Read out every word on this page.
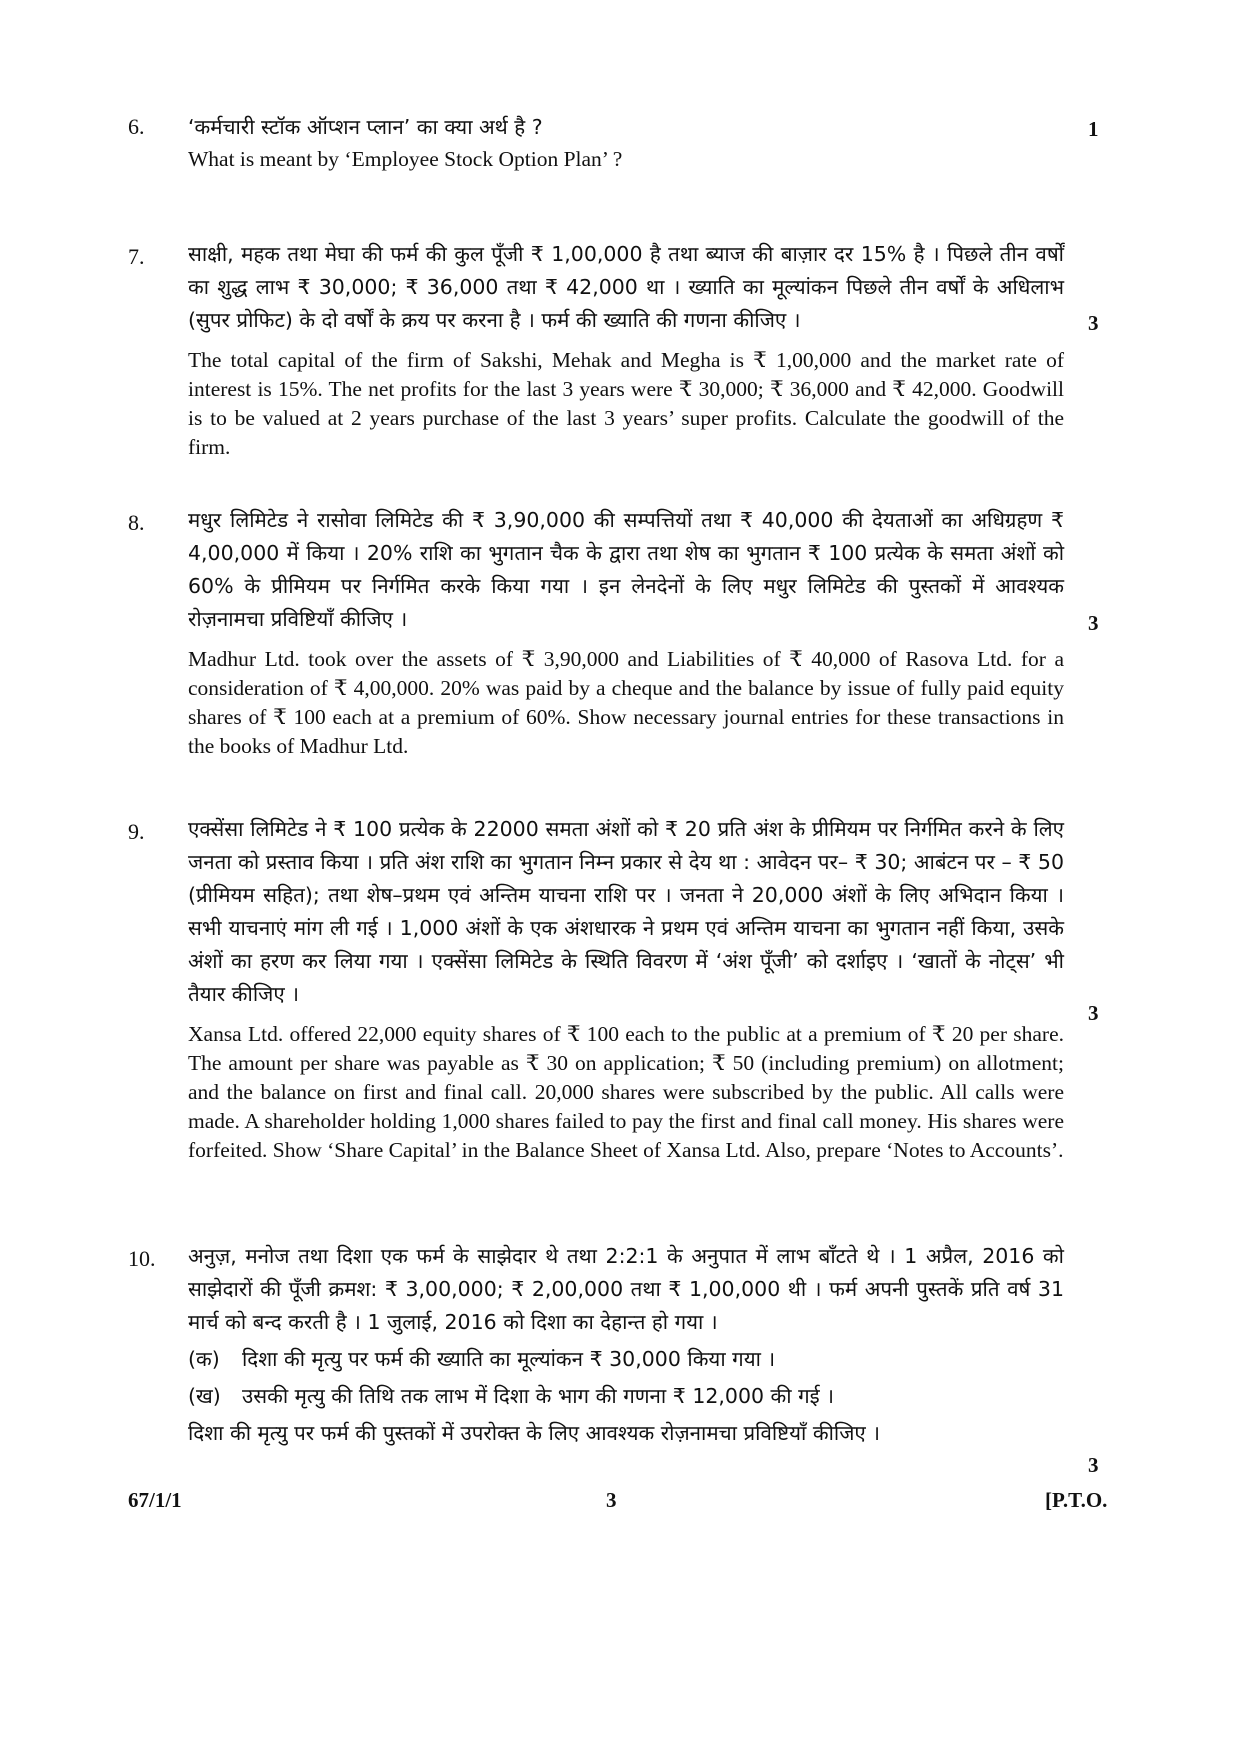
6. ‘कर्मचारी स्टॉक ऑप्शन प्लान’ का क्या अर्थ है ?

What is meant by ‘Employee Stock Option Plan’ ?

1
7. साक्षी, महक तथा मेघा की फर्म की कुल पूँजी ₹ 1,00,000 है तथा ब्याज की बाज़ार दर 15% है । पिछले तीन वर्षों का शुद्ध लाभ ₹ 30,000; ₹ 36,000 तथा ₹ 42,000 था । ख्याति का मूल्यांकन पिछले तीन वर्षों के अधिलाभ (सुपर प्रोफिट) के दो वर्षों के क्रय पर करना है । फर्म की ख्याति की गणना कीजिए ।

The total capital of the firm of Sakshi, Mehak and Megha is ₹ 1,00,000 and the market rate of interest is 15%. The net profits for the last 3 years were ₹ 30,000; ₹ 36,000 and ₹ 42,000. Goodwill is to be valued at 2 years purchase of the last 3 years’ super profits. Calculate the goodwill of the firm.

3
8. मधुर लिमिटेड ने रासोवा लिमिटेड की ₹ 3,90,000 की सम्पत्तियों तथा ₹ 40,000 की देयताओं का अधिग्रहण ₹ 4,00,000 में किया । 20% राशि का भुगतान चैक के द्वारा तथा शेष का भुगतान ₹ 100 प्रत्येक के समता अंशों को 60% के प्रीमियम पर निर्गमित करके किया गया । इन लेनदेनों के लिए मधुर लिमिटेड की पुस्तकों में आवश्यक रोज़नामचा प्रविष्टियाँ कीजिए ।

Madhur Ltd. took over the assets of ₹ 3,90,000 and Liabilities of ₹ 40,000 of Rasova Ltd. for a consideration of ₹ 4,00,000. 20% was paid by a cheque and the balance by issue of fully paid equity shares of ₹ 100 each at a premium of 60%. Show necessary journal entries for these transactions in the books of Madhur Ltd.

3
9. एक्सेंसा लिमिटेड ने ₹ 100 प्रत्येक के 22000 समता अंशों को ₹ 20 प्रति अंश के प्रीमियम पर निर्गमित करने के लिए जनता को प्रस्ताव किया । प्रति अंश राशि का भुगतान निम्न प्रकार से देय था : आवेदन पर– ₹ 30; आबंटन पर – ₹ 50 (प्रीमियम सहित); तथा शेष–प्रथम एवं अन्तिम याचना राशि पर । जनता ने 20,000 अंशों के लिए अभिदान किया । सभी याचनाएं मांग ली गई । 1,000 अंशों के एक अंशधारक ने प्रथम एवं अन्तिम याचना का भुगतान नहीं किया, उसके अंशों का हरण कर लिया गया । एक्सेंसा लिमिटेड के स्थिति विवरण में ‘अंश पूँजी’ को दर्शाइए । ‘खातों के नोट्स’ भी तैयार कीजिए ।

Xansa Ltd. offered 22,000 equity shares of ₹ 100 each to the public at a premium of ₹ 20 per share. The amount per share was payable as ₹ 30 on application; ₹ 50 (including premium) on allotment; and the balance on first and final call. 20,000 shares were subscribed by the public. All calls were made. A shareholder holding 1,000 shares failed to pay the first and final call money. His shares were forfeited. Show ‘Share Capital’ in the Balance Sheet of Xansa Ltd. Also, prepare ‘Notes to Accounts’.

3
10. अनुज़, मनोज तथा दिशा एक फर्म के साझेदार थे तथा 2:2:1 के अनुपात में लाभ बाँटते थे । 1 अप्रैल, 2016 को साझेदारों की पूँजी क्रमश: ₹ 3,00,000; ₹ 2,00,000 तथा ₹ 1,00,000 थी । फर्म अपनी पुस्तकें प्रति वर्ष 31 मार्च को बन्द करती है । 1 जुलाई, 2016 को दिशा का देहान्त हो गया ।

(क)	दिशा की मृत्यु पर फर्म की ख्याति का मूल्यांकन ₹ 30,000 किया गया ।
(ख)	उसकी मृत्यु की तिथि तक लाभ में दिशा के भाग की गणना ₹ 12,000 की गई ।

दिशा की मृत्यु पर फर्म की पुस्तकों में उपरोक्त के लिए आवश्यक रोज़नामचा प्रविष्टियाँ कीजिए ।

3
67/1/1	3	[P.T.O.
